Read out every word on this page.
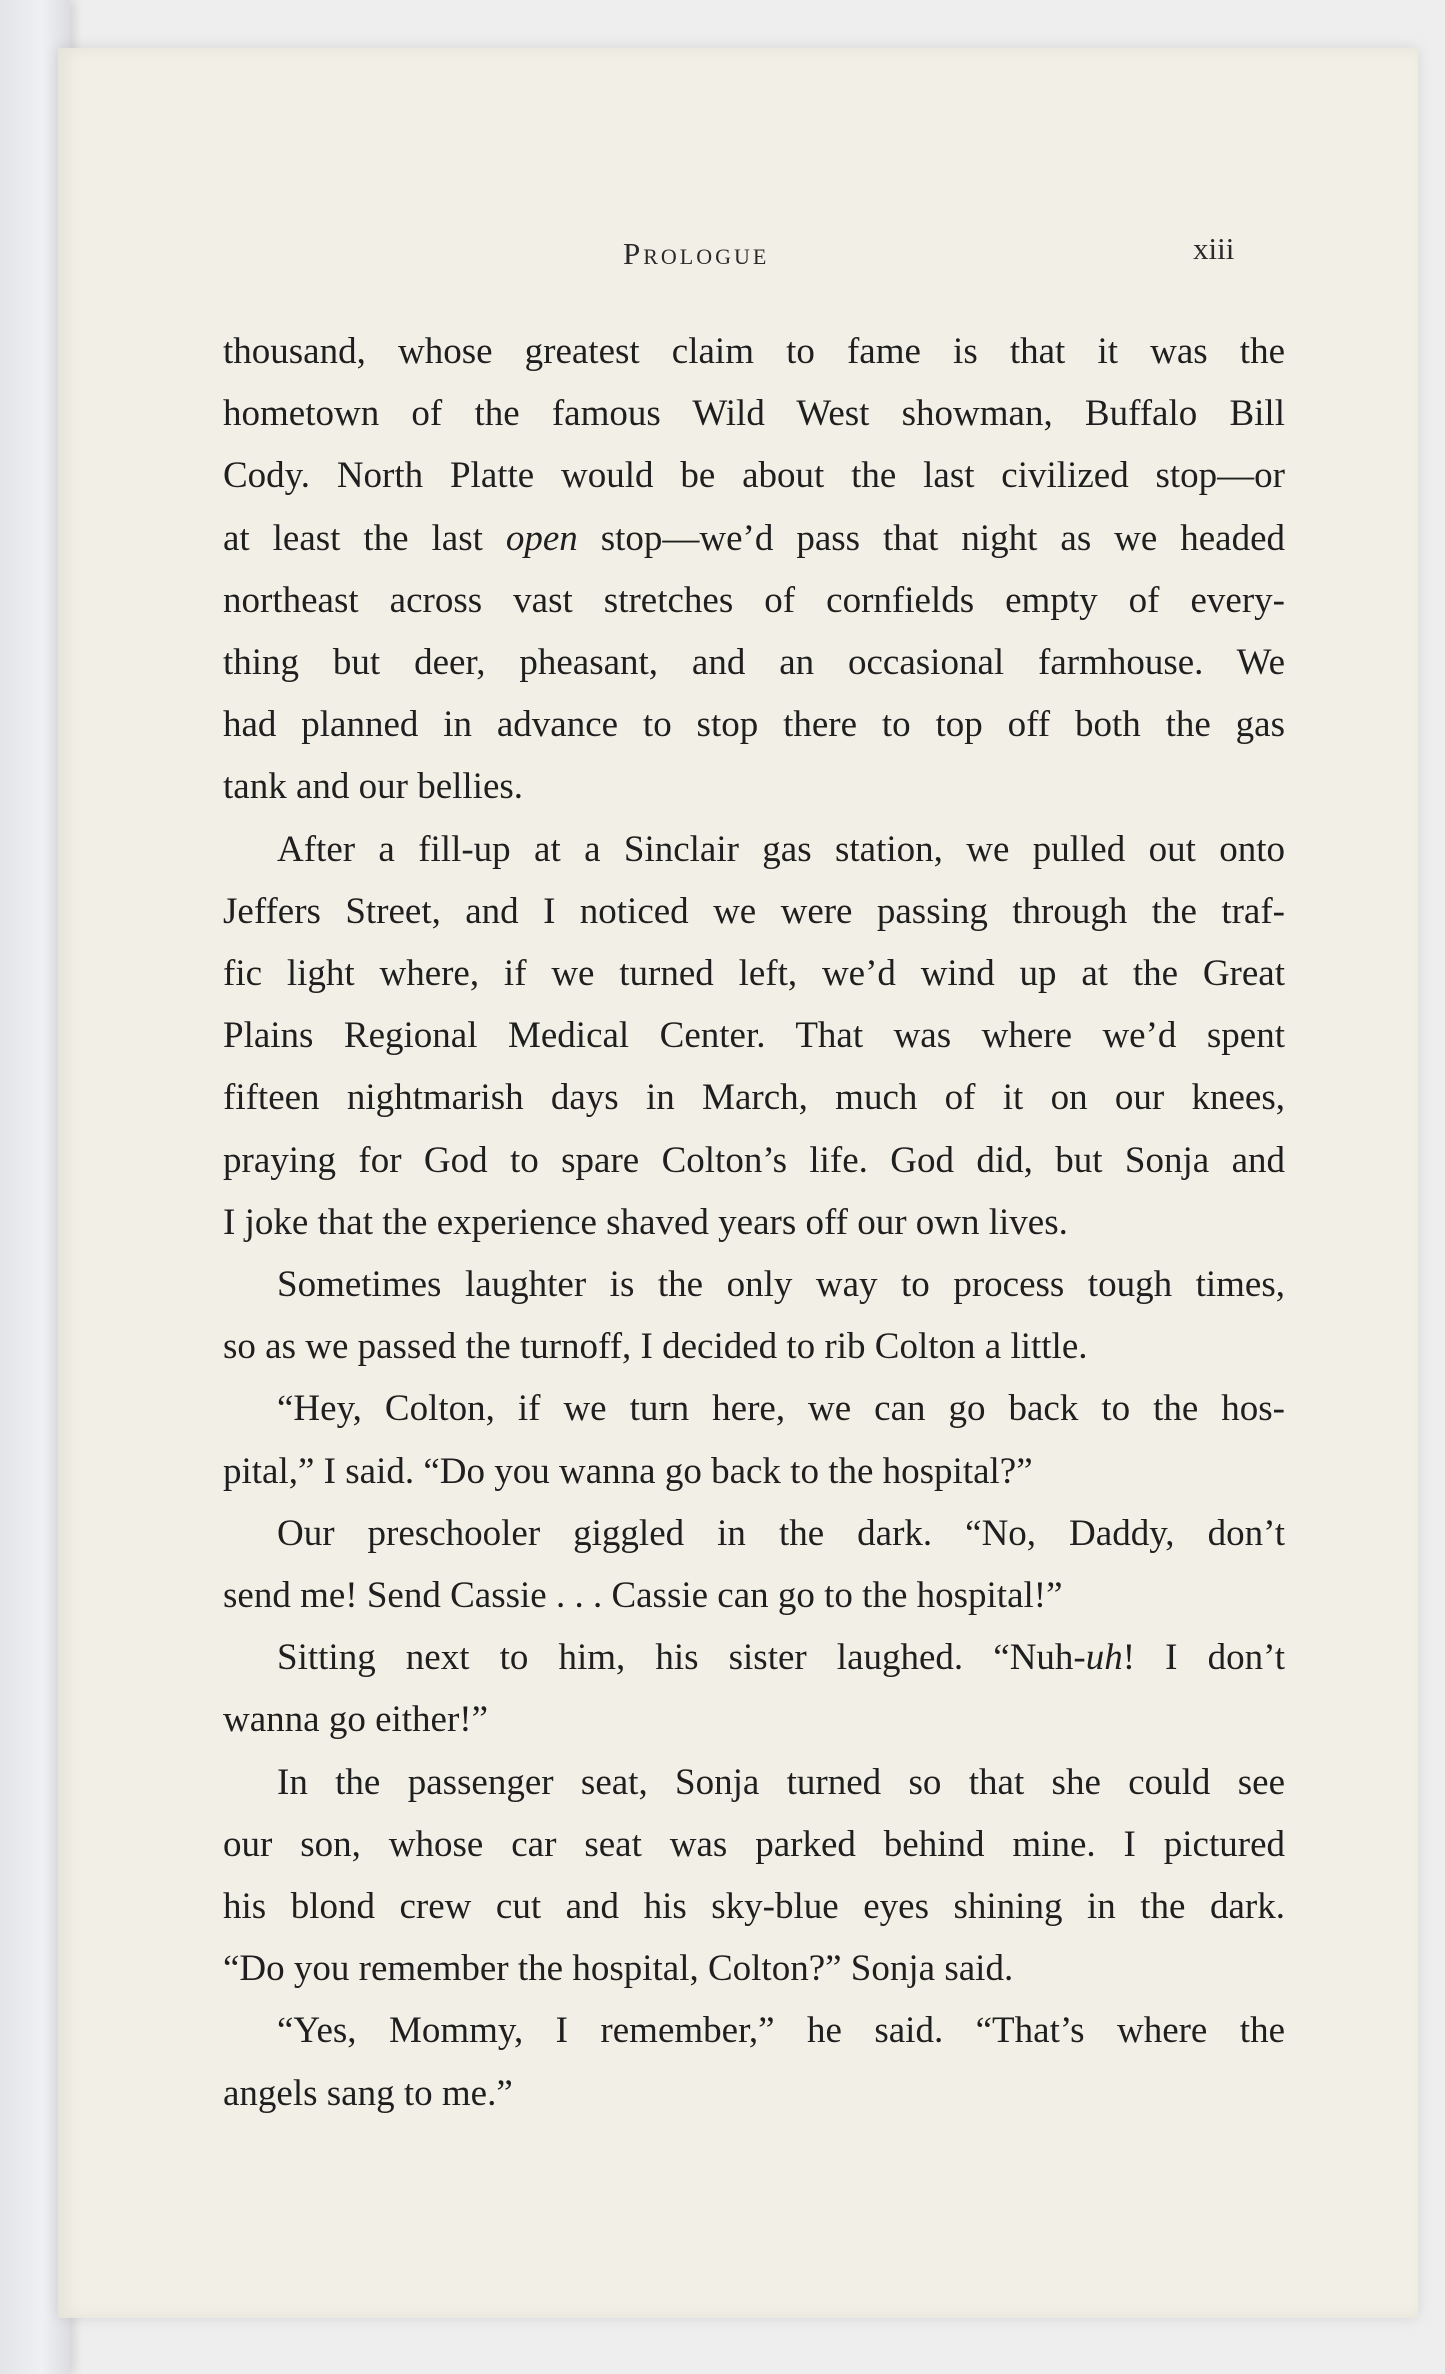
Prologue	xiii

thousand, whose greatest claim to fame is that it was the
hometown of the famous Wild West showman, Buffalo Bill
Cody. North Platte would be about the last civilized stop—or
at least the last open stop—we’d pass that night as we headed
northeast across vast stretches of cornfields empty of every-
thing but deer, pheasant, and an occasional farmhouse. We
had planned in advance to stop there to top off both the gas
tank and our bellies.

After a fill-up at a Sinclair gas station, we pulled out onto
Jeffers Street, and I noticed we were passing through the traf-
fic light where, if we turned left, we’d wind up at the Great
Plains Regional Medical Center. That was where we’d spent
fifteen nightmarish days in March, much of it on our knees,
praying for God to spare Colton’s life. God did, but Sonja and
I joke that the experience shaved years off our own lives.

Sometimes laughter is the only way to process tough times,
so as we passed the turnoff, I decided to rib Colton a little.

“Hey, Colton, if we turn here, we can go back to the hos-
pital,” I said. “Do you wanna go back to the hospital?”

Our preschooler giggled in the dark. “No, Daddy, don’t
send me! Send Cassie . . . Cassie can go to the hospital!”

Sitting next to him, his sister laughed. “Nuh-uh! I don’t
wanna go either!”

In the passenger seat, Sonja turned so that she could see
our son, whose car seat was parked behind mine. I pictured
his blond crew cut and his sky-blue eyes shining in the dark.
“Do you remember the hospital, Colton?” Sonja said.

“Yes, Mommy, I remember,” he said. “That’s where the
angels sang to me.”
